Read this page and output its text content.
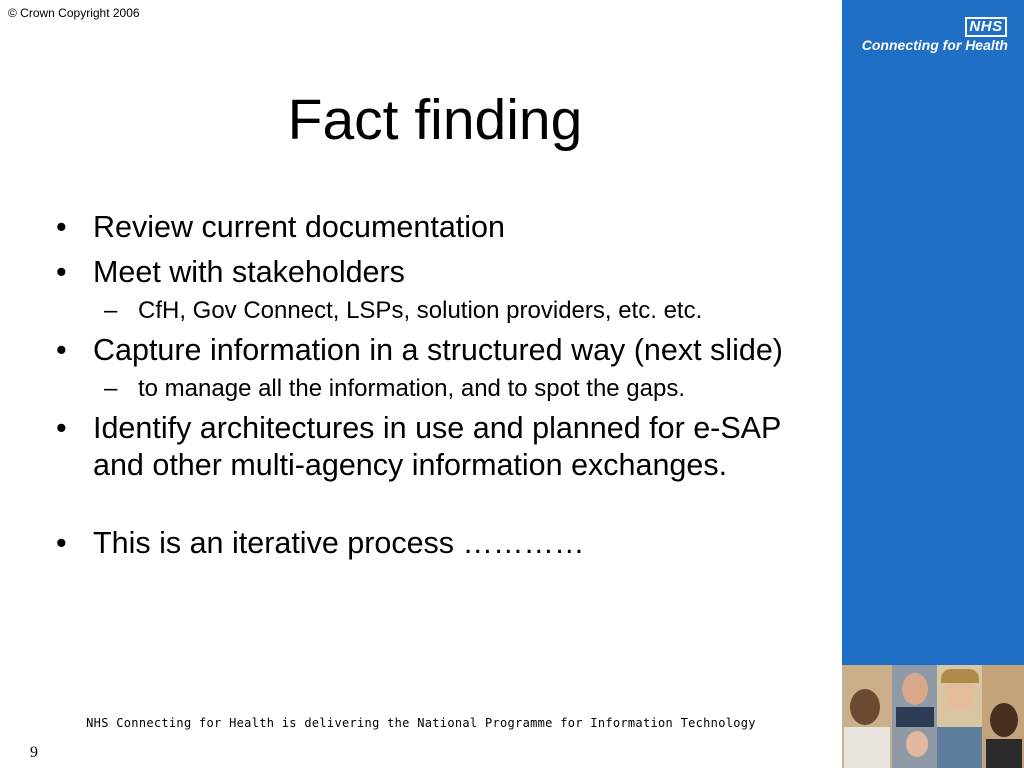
© Crown Copyright 2006
NHS
Connecting for Health
Fact finding
• Review current documentation
• Meet with stakeholders
– CfH, Gov Connect, LSPs, solution providers, etc. etc.
• Capture information in a structured way (next slide)
– to manage all the information, and to spot the gaps.
• Identify architectures in use and planned for e-SAP and other multi-agency information exchanges.
• This is an iterative process …………
NHS Connecting for Health is delivering the National Programme for Information Technology
9
